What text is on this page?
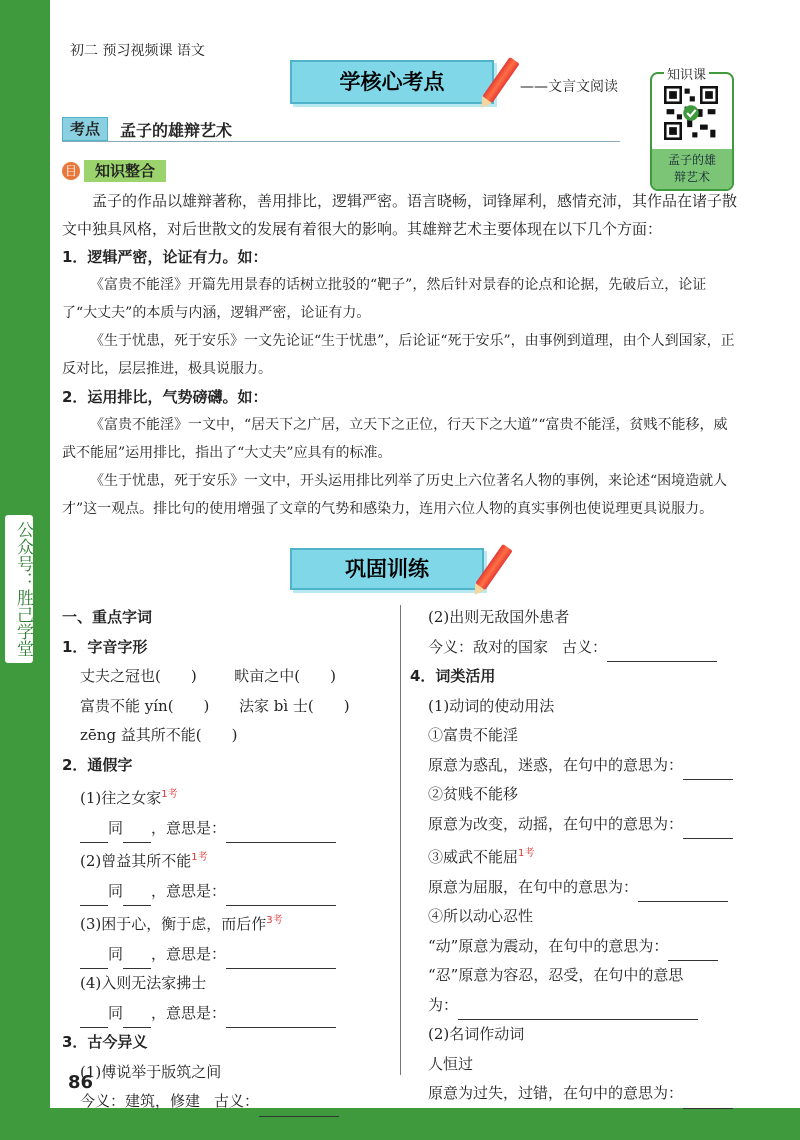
公众号：胜己学堂
初二 预习视频课 语文
学核心考点	——文言文阅读
知识课
孟子的雄
辩艺术
考点	孟子的雄辩艺术
目	知识整合

孟子的作品以雄辩著称，善用排比，逻辑严密。语言晓畅，词锋犀利，感情充沛，其作品在诸子散文中独具风格，对后世散文的发展有着很大的影响。其雄辩艺术主要体现在以下几个方面：

1．逻辑严密，论证有力。如：

《富贵不能淫》开篇先用景春的话树立批驳的“靶子”，然后针对景春的论点和论据，先破后立，论证了“大丈夫”的本质与内涵，逻辑严密，论证有力。

《生于忧患，死于安乐》一文先论证“生于忧患”，后论证“死于安乐”，由事例到道理，由个人到国家，正反对比，层层推进，极具说服力。

2．运用排比，气势磅礴。如：

《富贵不能淫》一文中，“居天下之广居，立天下之正位，行天下之大道”“富贵不能淫，贫贱不能移，威武不能屈”运用排比，指出了“大丈夫”应具有的标准。

《生于忧患，死于安乐》一文中，开头运用排比列举了历史上六位著名人物的事例，来论述“困境造就人才”这一观点。排比句的使用增强了文章的气势和感染力，连用六位人物的真实事例也使说理更具说服力。

巩固训练
一、重点字词
1．字音字形
丈夫之冠也(　　)	畎亩之中(　　)
富贵不能 yín(　　) 法家 bì 士(　　)
zēng 益其所不能(　　)
2．通假字
(1)往之女家$^{1考}$
同 ，意思是：
(2)曾益其所不能$^{1考}$
同 ，意思是：
(3)困于心，衡于虑，而后作$^{3考}$
同 ，意思是：
(4)入则无法家拂士
同 ，意思是：
3．古今异义
(1)傅说举于版筑之间
今义：建筑，修建 古义：
(2)出则无敌国外患者
今义：敌对的国家 古义：
4．词类活用
(1)动词的使动用法
①富贵不能淫
原意为惑乱，迷惑，在句中的意思为：
②贫贱不能移
原意为改变，动摇，在句中的意思为：
③威武不能屈$^{1考}$
原意为屈服，在句中的意思为：
④所以动心忍性
“动”原意为震动，在句中的意思为：
“忍”原意为容忍，忍受，在句中的意思
为：
(2)名词作动词
人恒过
原意为过失，过错，在句中的意思为：
86
